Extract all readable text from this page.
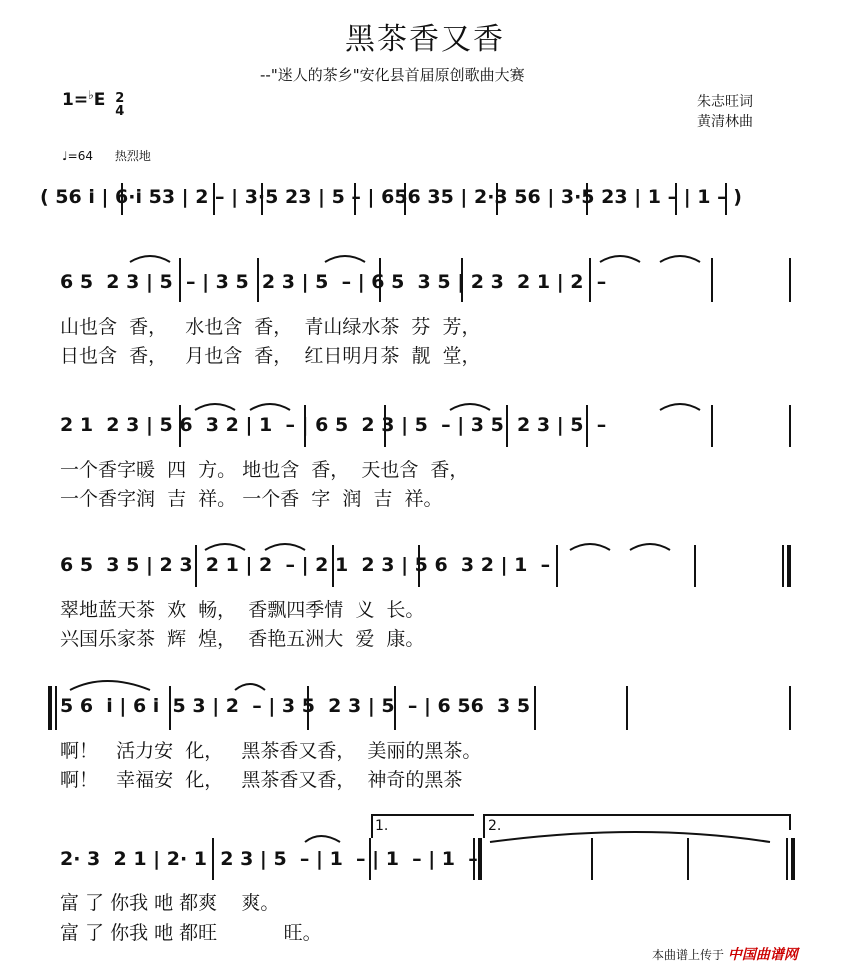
黑茶香又香
--"迷人的茶乡"安化县首届原创歌曲大赛
1=♭E 2
4
朱志旺词
黄清林曲
♩=64 热烈地
1.	2.
( 56 i | 6·i 53 | 2 – | 3·5 23 | 5 – | 656 35 | 2·3 56 | 3·5 23 | 1 – | 1 – )
6 5  2 3 | 5  – | 3 5  2 3 | 5  – | 6 5  3 5 | 2 3  2 1 | 2  –
山也含  香，   水也含  香，  青山绿水茶  芬  芳，
日也含  香，   月也含  香，  红日明月茶  靓  堂，
2 1  2 3 | 5 6  3 2 | 1  – | 6 5  2 3 | 5  – | 3 5  2 3 | 5  –
一个香字暖  四  方。 地也含  香，  天也含  香，
一个香字润  吉  祥。 一个香  字  润  吉  祥。
6 5  3 5 | 2 3  2 1 | 2  – | 2 1  2 3 | 5 6  3 2 | 1  –
翠地蓝天茶  欢  畅，  香飘四季情  义  长。
兴国乐家茶  辉  煌，  香艳五洲大  爱  康。
5 6  i | 6 i  5 3 | 2  – | 3 5  2 3 | 5  – | 6 56  3 5
啊！   活力安  化，   黑茶香又香，  美丽的黑茶。
啊！   幸福安  化，   黑茶香又香，  神奇的黑茶
2· 3  2 1 | 2· 1  2 3 | 5  – | 1  – | 1  – | 1  –
富 了 你我 吔 都爽    爽。
富 了 你我 吔 都旺           旺。
本曲谱上传于 中国曲谱网
